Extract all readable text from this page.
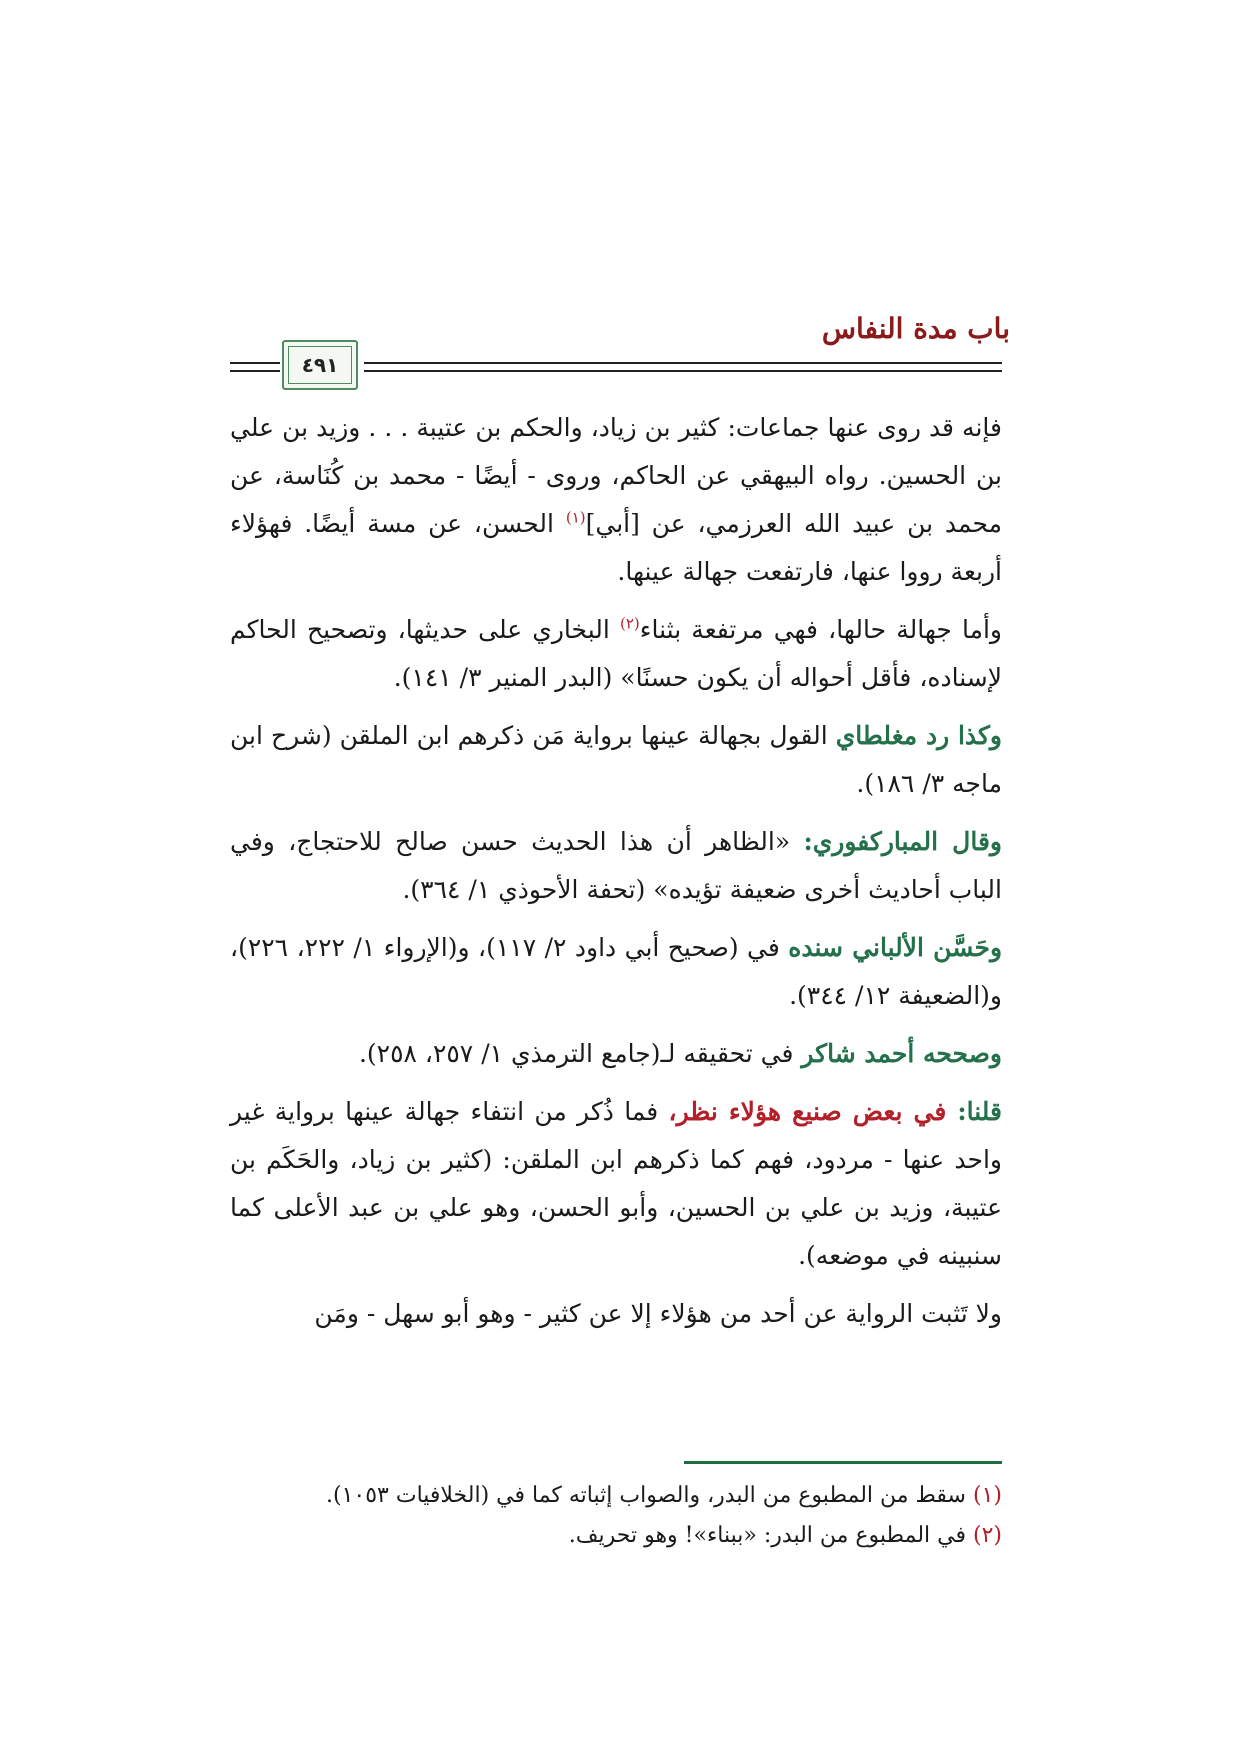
باب مدة النفاس
٤٩١

فإنه قد روى عنها جماعات: كثير بن زياد، والحكم بن عتيبة . . . وزيد بن علي بن الحسين. رواه البيهقي عن الحاكم، وروى - أيضًا - محمد بن كُنَاسة، عن محمد بن عبيد الله العرزمي، عن [أبي]$^{(١)}$ الحسن، عن مسة أيضًا. فهؤلاء أربعة رووا عنها، فارتفعت جهالة عينها.

وأما جهالة حالها، فهي مرتفعة بثناء$^{(٢)}$ البخاري على حديثها، وتصحيح الحاكم لإسناده، فأقل أحواله أن يكون حسنًا» (البدر المنير ٣/ ١٤١).

وكذا رد مغلطاي القول بجهالة عينها برواية مَن ذكرهم ابن الملقن (شرح ابن ماجه ٣/ ١٨٦).

وقال المباركفوري: «الظاهر أن هذا الحديث حسن صالح للاحتجاج، وفي الباب أحاديث أخرى ضعيفة تؤيده» (تحفة الأحوذي ١/ ٣٦٤).

وحَسَّن الألباني سنده في (صحيح أبي داود ٢/ ١١٧)، و(الإرواء ١/ ٢٢٢، ٢٢٦)، و(الضعيفة ١٢/ ٣٤٤).

وصححه أحمد شاكر في تحقيقه لـ(جامع الترمذي ١/ ٢٥٧، ٢٥٨).

قلنا: في بعض صنيع هؤلاء نظر، فما ذُكر من انتفاء جهالة عينها برواية غير واحد عنها - مردود، فهم كما ذكرهم ابن الملقن: (كثير بن زياد، والحَكَم بن عتيبة، وزيد بن علي بن الحسين، وأبو الحسن، وهو علي بن عبد الأعلى كما سنبينه في موضعه).

ولا تَثبت الرواية عن أحد من هؤلاء إلا عن كثير - وهو أبو سهل - ومَن

(١) سقط من المطبوع من البدر، والصواب إثباته كما في (الخلافيات ١٠٥٣).
(٢) في المطبوع من البدر: «ببناء»! وهو تحريف.
